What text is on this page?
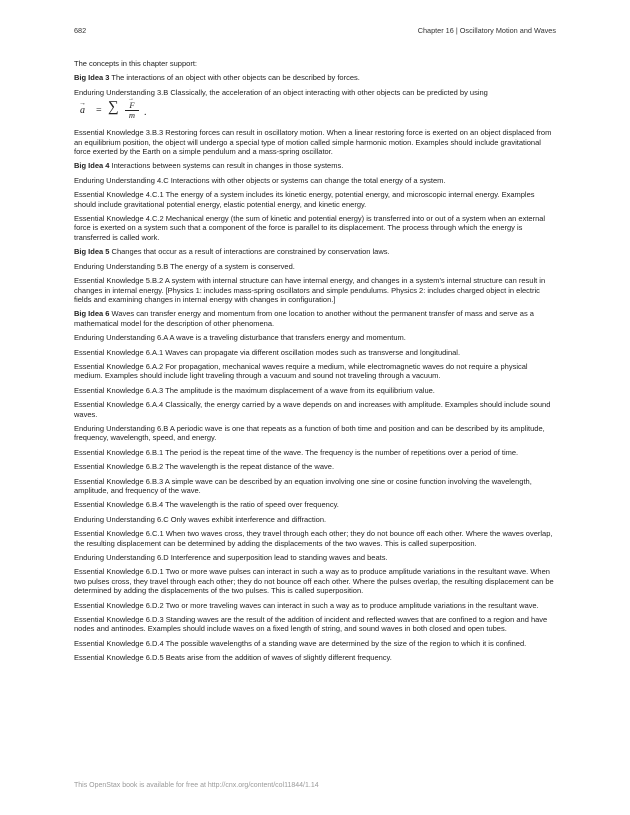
682	Chapter 16 | Oscillatory Motion and Waves

The concepts in this chapter support:

Big Idea 3 The interactions of an object with other objects can be described by forces.

Enduring Understanding 3.B Classically, the acceleration of an object interacting with other objects can be predicted by using

→ a = ∑
→ $\frac{F}{m}$ .

Essential Knowledge 3.B.3 Restoring forces can result in oscillatory motion. When a linear restoring force is exerted on an object displaced from an equilibrium position, the object will undergo a special type of motion called simple harmonic motion. Examples should include gravitational force exerted by the Earth on a simple pendulum and a mass-spring oscillator.

Big Idea 4 Interactions between systems can result in changes in those systems.

Enduring Understanding 4.C Interactions with other objects or systems can change the total energy of a system.

Essential Knowledge 4.C.1 The energy of a system includes its kinetic energy, potential energy, and microscopic internal energy. Examples should include gravitational potential energy, elastic potential energy, and kinetic energy.

Essential Knowledge 4.C.2 Mechanical energy (the sum of kinetic and potential energy) is transferred into or out of a system when an external force is exerted on a system such that a component of the force is parallel to its displacement. The process through which the energy is transferred is called work.

Big Idea 5 Changes that occur as a result of interactions are constrained by conservation laws.

Enduring Understanding 5.B The energy of a system is conserved.

Essential Knowledge 5.B.2 A system with internal structure can have internal energy, and changes in a system's internal structure can result in changes in internal energy. [Physics 1: includes mass-spring oscillators and simple pendulums. Physics 2: includes charged object in electric fields and examining changes in internal energy with changes in configuration.]

Big Idea 6 Waves can transfer energy and momentum from one location to another without the permanent transfer of mass and serve as a mathematical model for the description of other phenomena.

Enduring Understanding 6.A A wave is a traveling disturbance that transfers energy and momentum.

Essential Knowledge 6.A.1 Waves can propagate via different oscillation modes such as transverse and longitudinal.

Essential Knowledge 6.A.2 For propagation, mechanical waves require a medium, while electromagnetic waves do not require a physical medium. Examples should include light traveling through a vacuum and sound not traveling through a vacuum.

Essential Knowledge 6.A.3 The amplitude is the maximum displacement of a wave from its equilibrium value.

Essential Knowledge 6.A.4 Classically, the energy carried by a wave depends on and increases with amplitude. Examples should include sound waves.

Enduring Understanding 6.B A periodic wave is one that repeats as a function of both time and position and can be described by its amplitude, frequency, wavelength, speed, and energy.

Essential Knowledge 6.B.1 The period is the repeat time of the wave. The frequency is the number of repetitions over a period of time.

Essential Knowledge 6.B.2 The wavelength is the repeat distance of the wave.

Essential Knowledge 6.B.3 A simple wave can be described by an equation involving one sine or cosine function involving the wavelength, amplitude, and frequency of the wave.

Essential Knowledge 6.B.4 The wavelength is the ratio of speed over frequency.

Enduring Understanding 6.C Only waves exhibit interference and diffraction.

Essential Knowledge 6.C.1 When two waves cross, they travel through each other; they do not bounce off each other. Where the waves overlap, the resulting displacement can be determined by adding the displacements of the two waves. This is called superposition.

Enduring Understanding 6.D Interference and superposition lead to standing waves and beats.

Essential Knowledge 6.D.1 Two or more wave pulses can interact in such a way as to produce amplitude variations in the resultant wave. When two pulses cross, they travel through each other; they do not bounce off each other. Where the pulses overlap, the resulting displacement can be determined by adding the displacements of the two pulses. This is called superposition.

Essential Knowledge 6.D.2 Two or more traveling waves can interact in such a way as to produce amplitude variations in the resultant wave.

Essential Knowledge 6.D.3 Standing waves are the result of the addition of incident and reflected waves that are confined to a region and have nodes and antinodes. Examples should include waves on a fixed length of string, and sound waves in both closed and open tubes.

Essential Knowledge 6.D.4 The possible wavelengths of a standing wave are determined by the size of the region to which it is confined.

Essential Knowledge 6.D.5 Beats arise from the addition of waves of slightly different frequency.

This OpenStax book is available for free at http://cnx.org/content/col11844/1.14
